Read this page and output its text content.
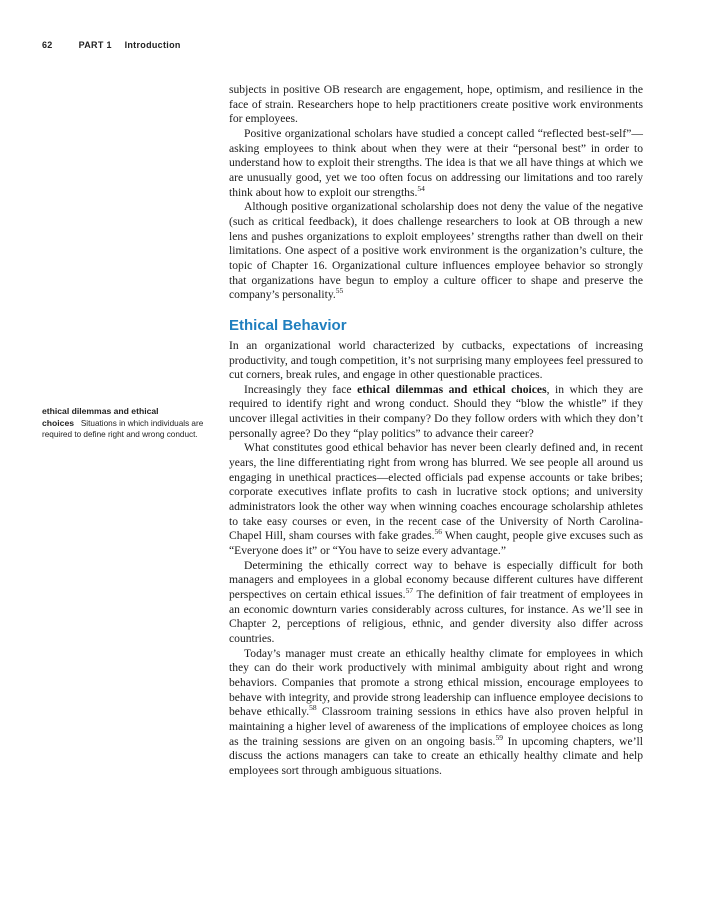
62	PART 1 Introduction
ethical dilemmas and ethical
choices Situations in which individuals are required to define right and wrong conduct.

subjects in positive OB research are engagement, hope, optimism, and resilience in the face of strain. Researchers hope to help practitioners create positive work environments for employees.

Positive organizational scholars have studied a concept called “reflected best-self”—asking employees to think about when they were at their “personal best” in order to understand how to exploit their strengths. The idea is that we all have things at which we are unusually good, yet we too often focus on addressing our limitations and too rarely think about how to exploit our strengths.$^{54}$

Although positive organizational scholarship does not deny the value of the negative (such as critical feedback), it does challenge researchers to look at OB through a new lens and pushes organizations to exploit employees’ strengths rather than dwell on their limitations. One aspect of a positive work environment is the organization’s culture, the topic of Chapter 16. Organizational culture influences employee behavior so strongly that organizations have begun to employ a culture officer to shape and preserve the company’s personality.$^{55}$

Ethical Behavior

In an organizational world characterized by cutbacks, expectations of increasing productivity, and tough competition, it’s not surprising many employees feel pressured to cut corners, break rules, and engage in other questionable practices.

Increasingly they face ethical dilemmas and ethical choices, in which they are required to identify right and wrong conduct. Should they “blow the whistle” if they uncover illegal activities in their company? Do they follow orders with which they don’t personally agree? Do they “play politics” to advance their career?

What constitutes good ethical behavior has never been clearly defined and, in recent years, the line differentiating right from wrong has blurred. We see people all around us engaging in unethical practices—elected officials pad expense accounts or take bribes; corporate executives inflate profits to cash in lucrative stock options; and university administrators look the other way when winning coaches encourage scholarship athletes to take easy courses or even, in the recent case of the University of North Carolina-Chapel Hill, sham courses with fake grades.$^{56}$ When caught, people give excuses such as “Everyone does it” or “You have to seize every advantage.”

Determining the ethically correct way to behave is especially difficult for both managers and employees in a global economy because different cultures have different perspectives on certain ethical issues.$^{57}$ The definition of fair treatment of employees in an economic downturn varies considerably across cultures, for instance. As we’ll see in Chapter 2, perceptions of religious, ethnic, and gender diversity also differ across countries.

Today’s manager must create an ethically healthy climate for employees in which they can do their work productively with minimal ambiguity about right and wrong behaviors. Companies that promote a strong ethical mission, encourage employees to behave with integrity, and provide strong leadership can influence employee decisions to behave ethically.$^{58}$ Classroom training sessions in ethics have also proven helpful in maintaining a higher level of awareness of the implications of employee choices as long as the training sessions are given on an ongoing basis.$^{59}$ In upcoming chapters, we’ll discuss the actions managers can take to create an ethically healthy climate and help employees sort through ambiguous situations.
